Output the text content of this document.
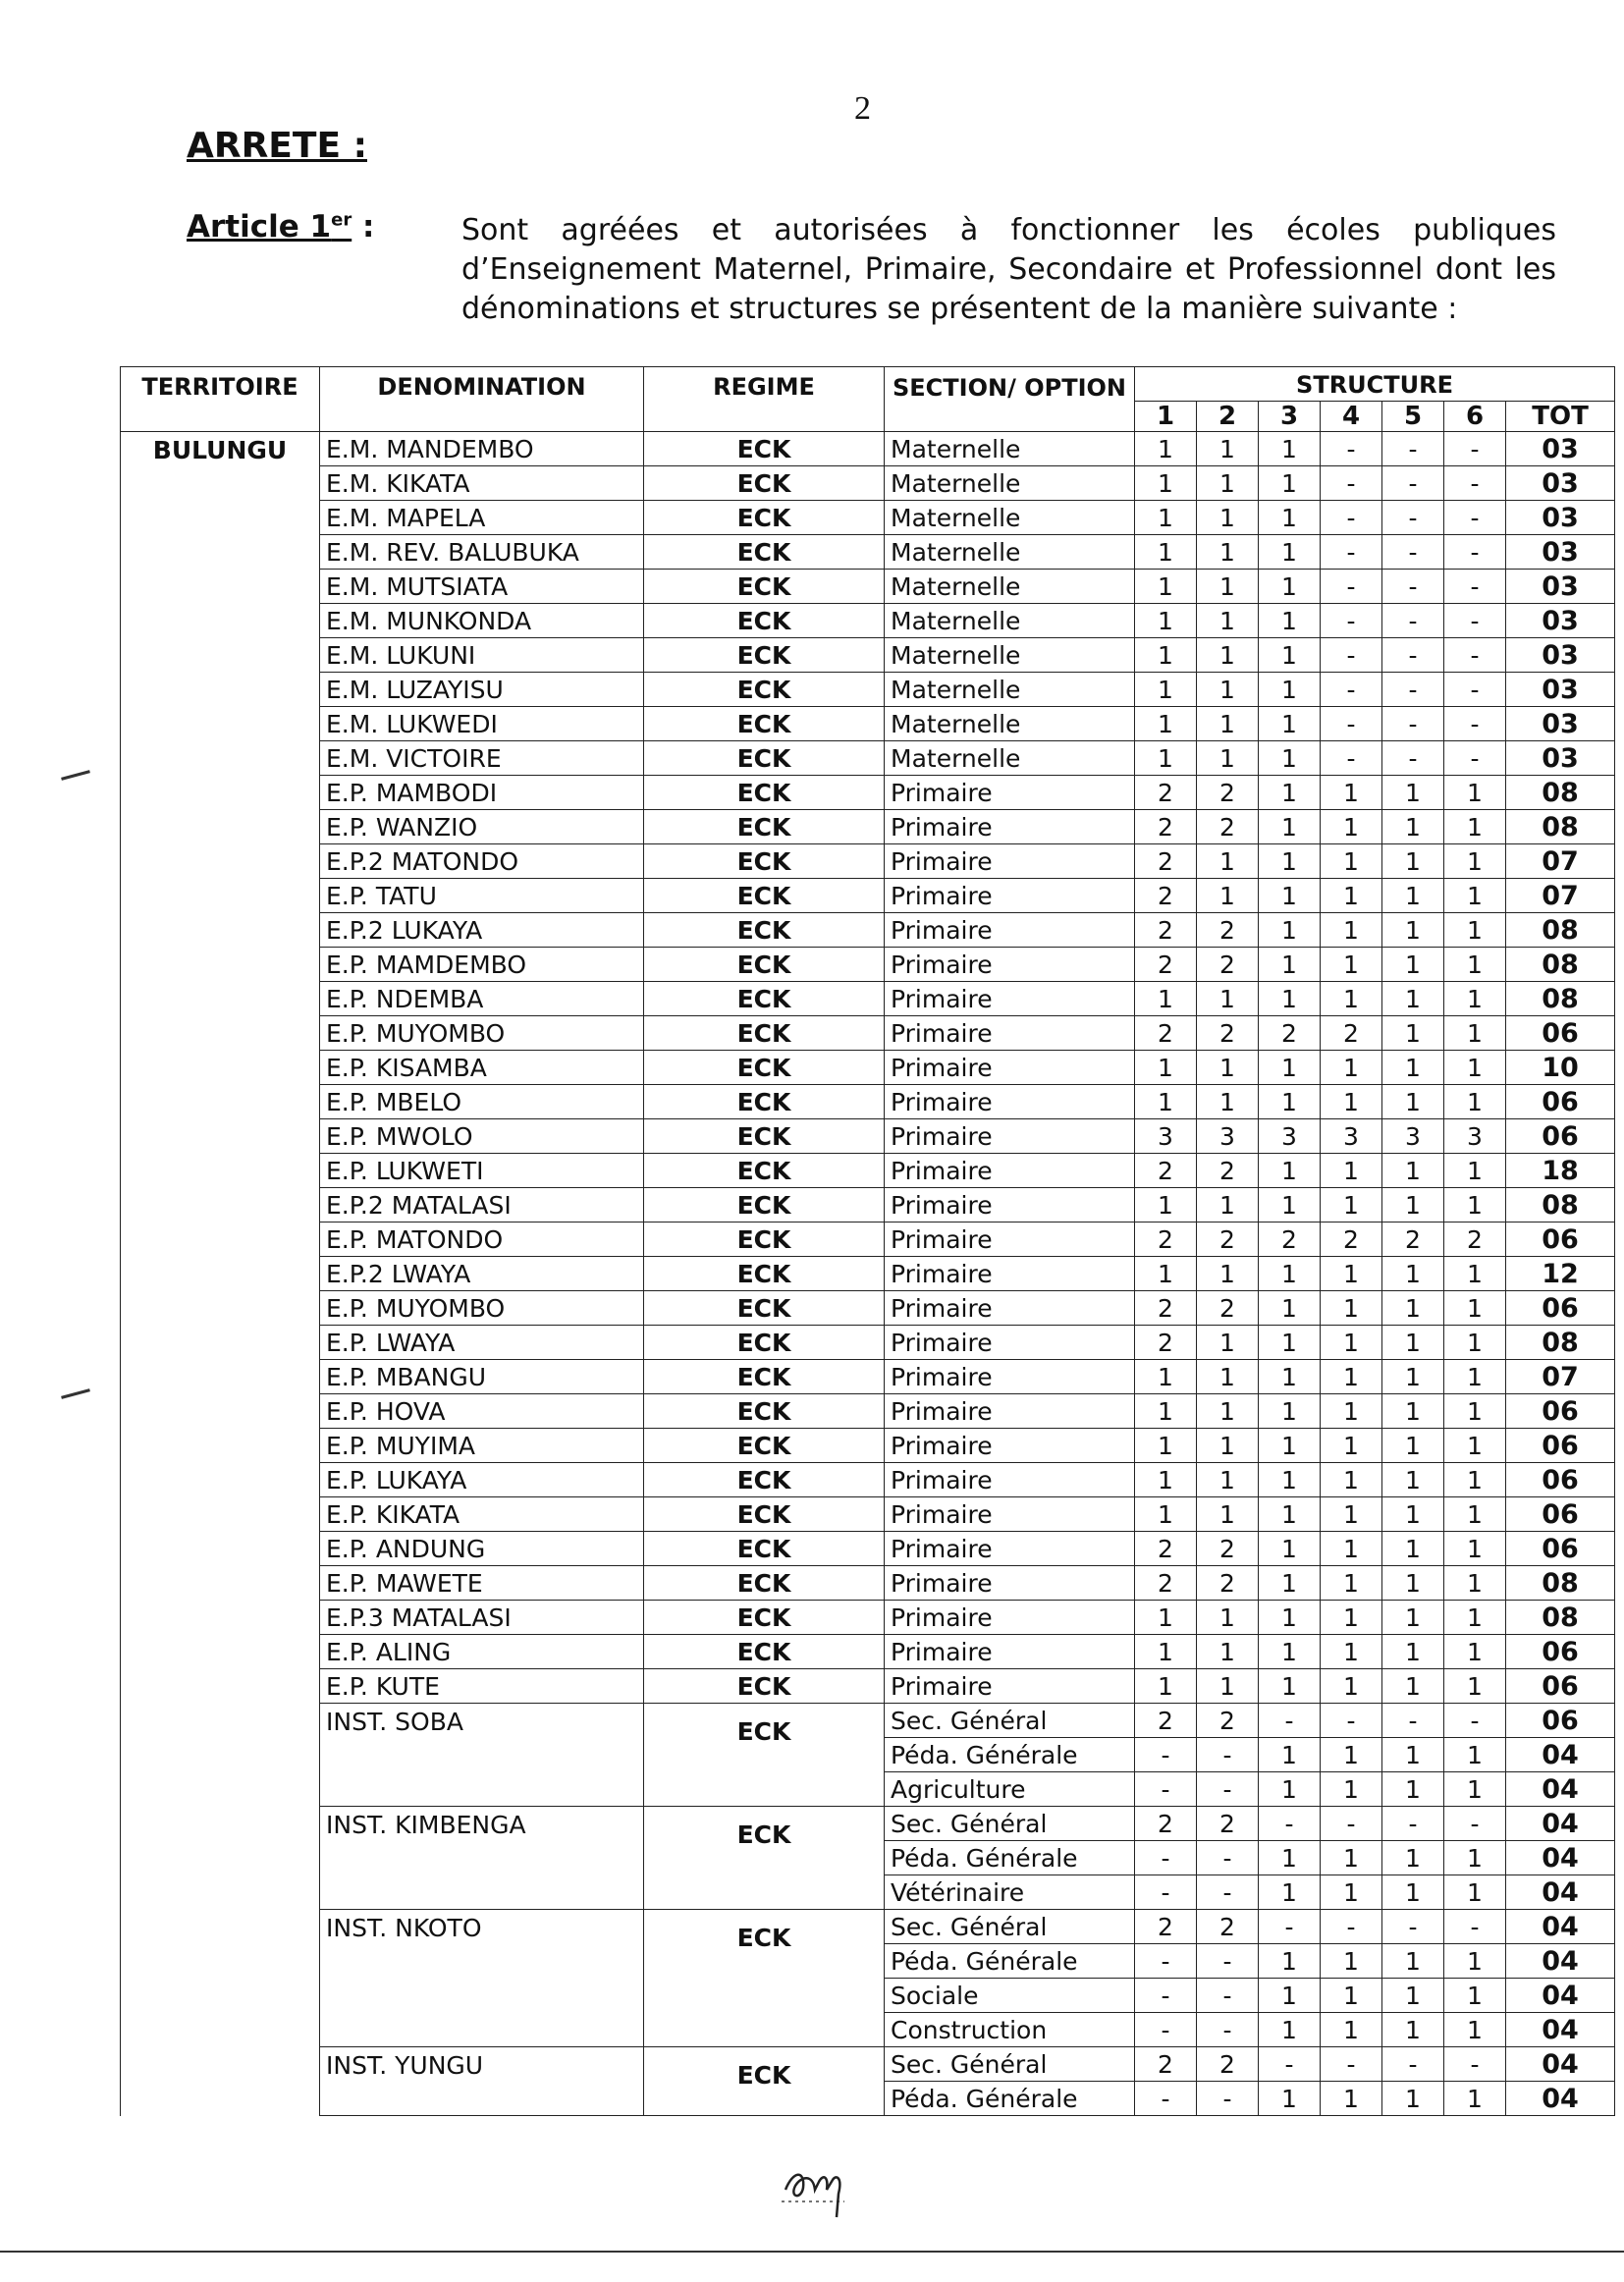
2
ARRETE :
Article 1er :	Sont agréées et autorisées à fonctionner les écoles publiques d’Enseignement Maternel, Primaire, Secondaire et Professionnel dont les dénominations et structures se présentent de la manière suivante :
TERRITOIRE	DENOMINATION	REGIME	SECTION/ OPTION	STRUCTURE						
				1	2	3	4	5	6	TOT
BULUNGU	E.M. MANDEMBO	ECK	Maternelle	1	1	1	-	-	-	03
	E.M. KIKATA	ECK	Maternelle	1	1	1	-	-	-	03
	E.M. MAPELA	ECK	Maternelle	1	1	1	-	-	-	03
	E.M. REV. BALUBUKA	ECK	Maternelle	1	1	1	-	-	-	03
	E.M. MUTSIATA	ECK	Maternelle	1	1	1	-	-	-	03
	E.M. MUNKONDA	ECK	Maternelle	1	1	1	-	-	-	03
	E.M. LUKUNI	ECK	Maternelle	1	1	1	-	-	-	03
	E.M. LUZAYISU	ECK	Maternelle	1	1	1	-	-	-	03
	E.M. LUKWEDI	ECK	Maternelle	1	1	1	-	-	-	03
	E.M. VICTOIRE	ECK	Maternelle	1	1	1	-	-	-	03
	E.P. MAMBODI	ECK	Primaire	2	2	1	1	1	1	08
	E.P. WANZIO	ECK	Primaire	2	2	1	1	1	1	08
	E.P.2 MATONDO	ECK	Primaire	2	1	1	1	1	1	07
	E.P. TATU	ECK	Primaire	2	1	1	1	1	1	07
	E.P.2 LUKAYA	ECK	Primaire	2	2	1	1	1	1	08
	E.P. MAMDEMBO	ECK	Primaire	2	2	1	1	1	1	08
	E.P. NDEMBA	ECK	Primaire	1	1	1	1	1	1	08
	E.P. MUYOMBO	ECK	Primaire	2	2	2	2	1	1	06
	E.P. KISAMBA	ECK	Primaire	1	1	1	1	1	1	10
	E.P. MBELO	ECK	Primaire	1	1	1	1	1	1	06
	E.P. MWOLO	ECK	Primaire	3	3	3	3	3	3	06
	E.P. LUKWETI	ECK	Primaire	2	2	1	1	1	1	18
	E.P.2 MATALASI	ECK	Primaire	1	1	1	1	1	1	08
	E.P. MATONDO	ECK	Primaire	2	2	2	2	2	2	06
	E.P.2 LWAYA	ECK	Primaire	1	1	1	1	1	1	12
	E.P. MUYOMBO	ECK	Primaire	2	2	1	1	1	1	06
	E.P. LWAYA	ECK	Primaire	2	1	1	1	1	1	08
	E.P. MBANGU	ECK	Primaire	1	1	1	1	1	1	07
	E.P. HOVA	ECK	Primaire	1	1	1	1	1	1	06
	E.P. MUYIMA	ECK	Primaire	1	1	1	1	1	1	06
	E.P. LUKAYA	ECK	Primaire	1	1	1	1	1	1	06
	E.P. KIKATA	ECK	Primaire	1	1	1	1	1	1	06
	E.P. ANDUNG	ECK	Primaire	2	2	1	1	1	1	06
	E.P. MAWETE	ECK	Primaire	2	2	1	1	1	1	08
	E.P.3 MATALASI	ECK	Primaire	1	1	1	1	1	1	08
	E.P. ALING	ECK	Primaire	1	1	1	1	1	1	06
	E.P. KUTE	ECK	Primaire	1	1	1	1	1	1	06
	INST. SOBA	ECK	Sec. Général	2	2	-	-	-	-	06
			Péda. Générale	-	-	1	1	1	1	04
			Agriculture	-	-	1	1	1	1	04
	INST. KIMBENGA	ECK	Sec. Général	2	2	-	-	-	-	04
			Péda. Générale	-	-	1	1	1	1	04
			Vétérinaire	-	-	1	1	1	1	04
	INST. NKOTO	ECK	Sec. Général	2	2	-	-	-	-	04
			Péda. Générale	-	-	1	1	1	1	04
			Sociale	-	-	1	1	1	1	04
			Construction	-	-	1	1	1	1	04
	INST. YUNGU	ECK	Sec. Général	2	2	-	-	-	-	04
			Péda. Générale	-	-	1	1	1	1	04
